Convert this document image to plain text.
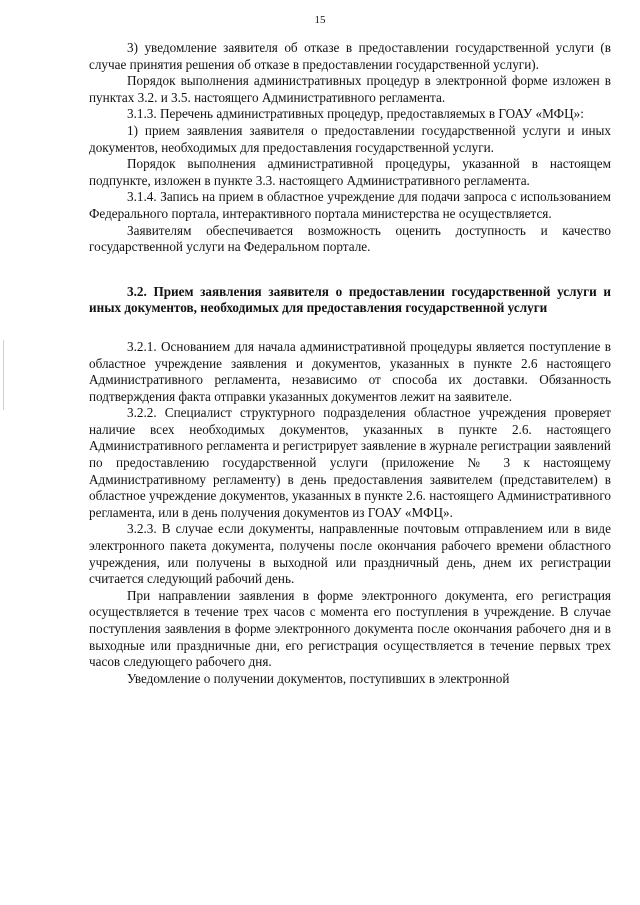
15

3) уведомление заявителя об отказе в предоставлении государственной услуги (в случае принятия решения об отказе в предоставлении государственной услуги).

Порядок выполнения административных процедур в электронной форме изложен в пунктах 3.2. и 3.5. настоящего Административного регламента.

3.1.3. Перечень административных процедур, предоставляемых в ГОАУ «МФЦ»:

1) прием заявления заявителя о предоставлении государственной услуги и иных документов, необходимых для предоставления государственной услуги.

Порядок выполнения административной процедуры, указанной в настоящем подпункте, изложен в пункте 3.3. настоящего Административного регламента.

3.1.4. Запись на прием в областное учреждение для подачи запроса с использованием Федерального портала, интерактивного портала министерства не осуществляется.

Заявителям обеспечивается возможность оценить доступность и качество государственной услуги на Федеральном портале.

3.2. Прием заявления заявителя о предоставлении государственной услуги и иных документов, необходимых для предоставления государственной услуги

3.2.1. Основанием для начала административной процедуры является поступление в областное учреждение заявления и документов, указанных в пункте 2.6 настоящего Административного регламента, независимо от способа их доставки. Обязанность подтверждения факта отправки указанных документов лежит на заявителе.

3.2.2. Специалист структурного подразделения областное учреждения проверяет наличие всех необходимых документов, указанных в пункте 2.6. настоящего Административного регламента и регистрирует заявление в журнале регистрации заявлений по предоставлению государственной услуги (приложение № 3 к настоящему Административному регламенту) в день предоставления заявителем (представителем) в областное учреждение документов, указанных в пункте 2.6. настоящего Административного регламента, или в день получения документов из ГОАУ «МФЦ».

3.2.3. В случае если документы, направленные почтовым отправлением или в виде электронного пакета документа, получены после окончания рабочего времени областного учреждения, или получены в выходной или праздничный день, днем их регистрации считается следующий рабочий день.

При направлении заявления в форме электронного документа, его регистрация осуществляется в течение трех часов с момента его поступления в учреждение. В случае поступления заявления в форме электронного документа после окончания рабочего дня и в выходные или праздничные дни, его регистрация осуществляется в течение первых трех часов следующего рабочего дня.

Уведомление о получении документов, поступивших в электронной
